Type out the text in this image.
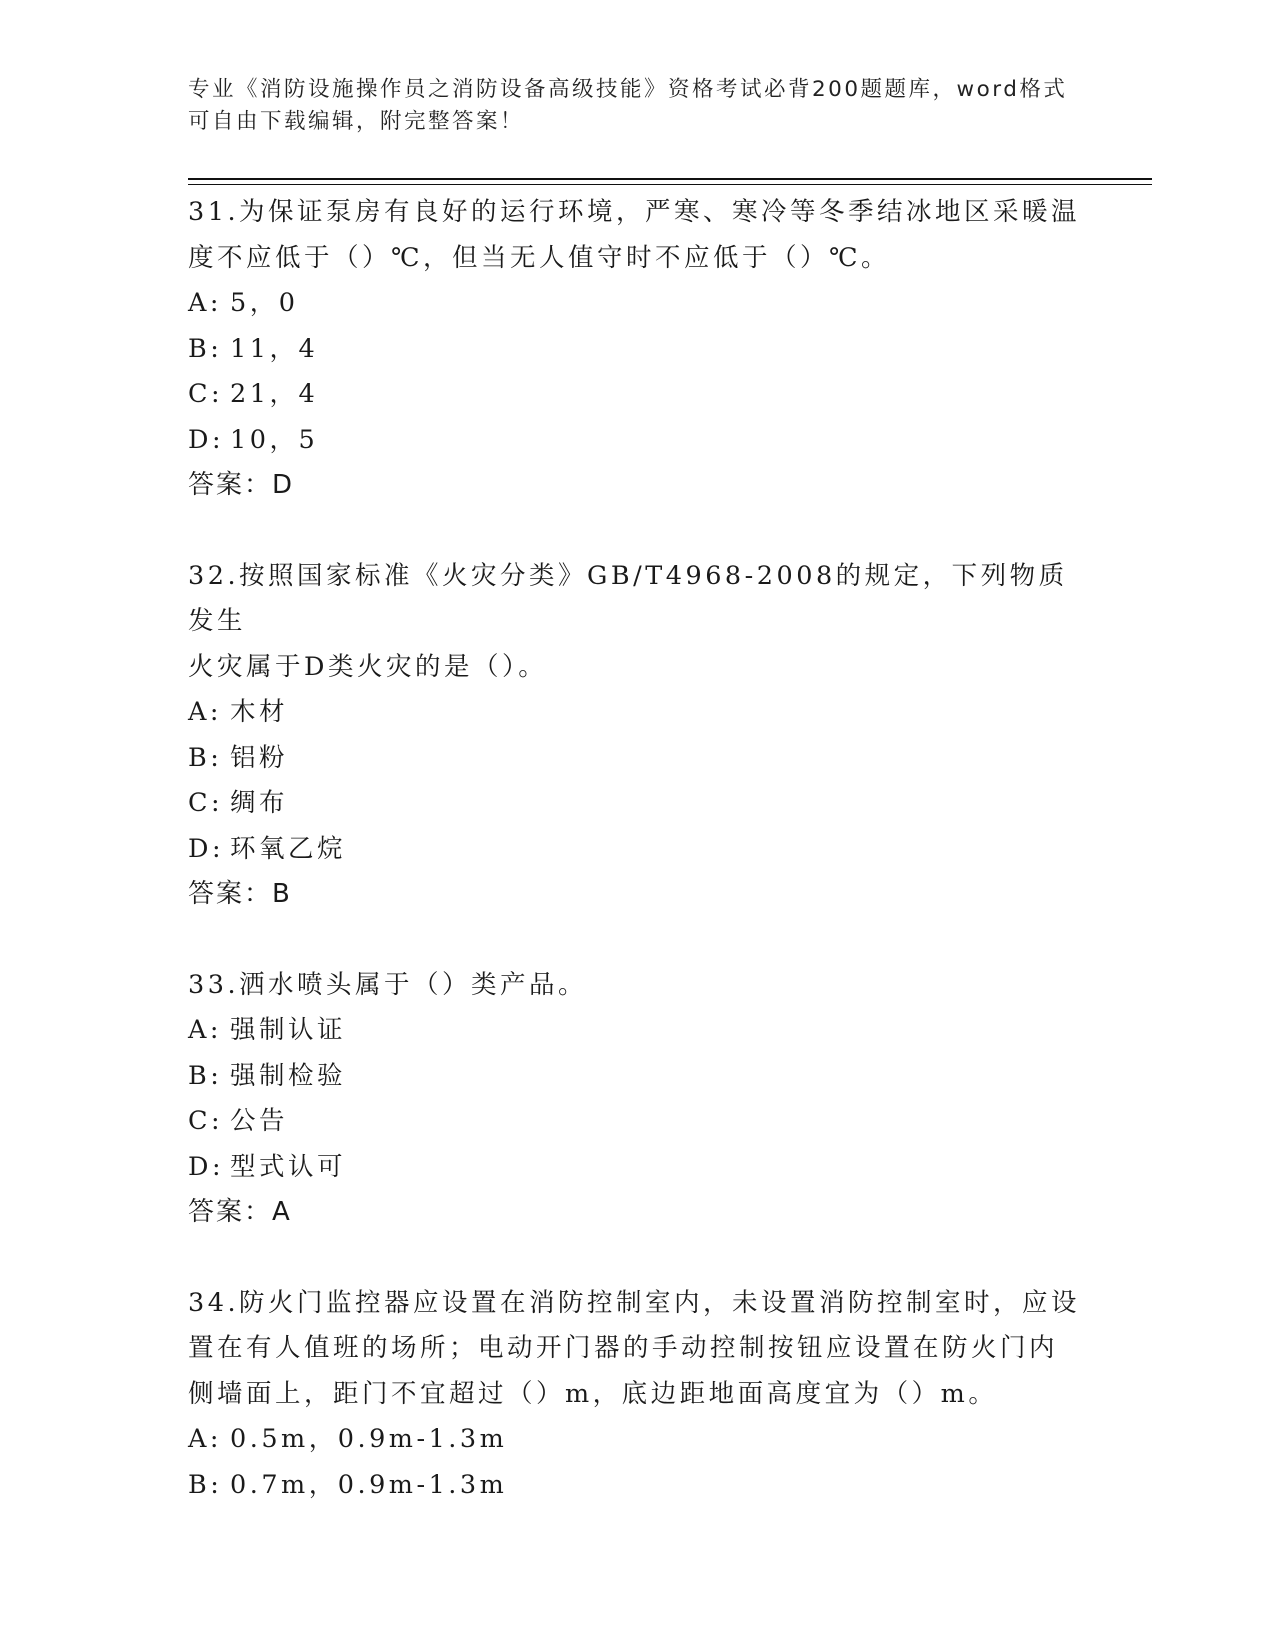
专业《消防设施操作员之消防设备高级技能》资格考试必背200题题库，word格式可自由下载编辑，附完整答案！

31.为保证泵房有良好的运行环境，严寒、寒冷等冬季结冰地区采暖温

度不应低于（）℃，但当无人值守时不应低于（）℃。

A: 5，0

B: 11，4

C: 21，4

D: 10，5

答案：D

32.按照国家标准《火灾分类》GB/T4968-2008的规定，下列物质发生

火灾属于D类火灾的是（）。

A: 木材

B: 铝粉

C: 绸布

D: 环氧乙烷

答案：B

33.洒水喷头属于（）类产品。

A: 强制认证

B: 强制检验

C: 公告

D: 型式认可

答案：A

34.防火门监控器应设置在消防控制室内，未设置消防控制室时，应设

置在有人值班的场所；电动开门器的手动控制按钮应设置在防火门内

侧墙面上，距门不宜超过（）m，底边距地面高度宜为（）m。

A: 0.5m，0.9m-1.3m

B: 0.7m，0.9m-1.3m
